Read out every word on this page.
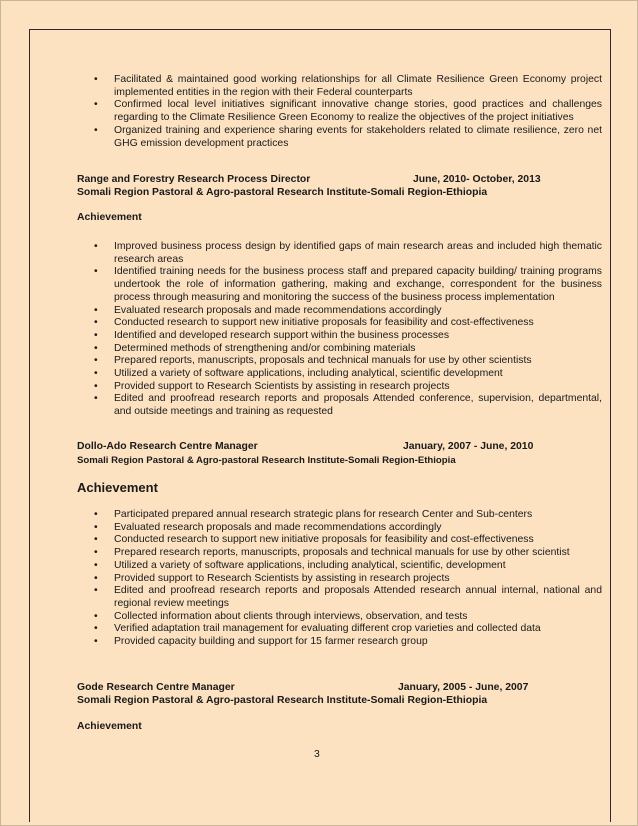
• Facilitated & maintained good working relationships for all Climate Resilience Green Economy project implemented entities in the region with their Federal counterparts
• Confirmed local level initiatives significant innovative change stories, good practices and challenges regarding to the Climate Resilience Green Economy to realize the objectives of the project initiatives
• Organized training and experience sharing events for stakeholders related to climate resilience, zero net GHG emission development practices
Range and Forestry Research Process Director	June, 2010- October, 2013
Somali Region Pastoral & Agro-pastoral Research Institute-Somali Region-Ethiopia
Achievement
• Improved business process design by identified gaps of main research areas and included high thematic research areas
• Identified training needs for the business process staff and prepared capacity building/ training programs undertook the role of information gathering, making and exchange, correspondent for the business process through measuring and monitoring the success of the business process implementation
• Evaluated research proposals and made recommendations accordingly
• Conducted research to support new initiative proposals for feasibility and cost-effectiveness
• Identified and developed research support within the business processes
• Determined methods of strengthening and/or combining materials
• Prepared reports, manuscripts, proposals and technical manuals for use by other scientists
• Utilized a variety of software applications, including analytical, scientific development
• Provided support to Research Scientists by assisting in research projects
• Edited and proofread research reports and proposals Attended conference, supervision, departmental, and outside meetings and training as requested
Dollo-Ado Research Centre Manager	January, 2007 - June, 2010
Somali Region Pastoral & Agro-pastoral Research Institute-Somali Region-Ethiopia
Achievement
• Participated prepared annual research strategic plans for research Center and Sub-centers
• Evaluated research proposals and made recommendations accordingly
• Conducted research to support new initiative proposals for feasibility and cost-effectiveness
• Prepared research reports, manuscripts, proposals and technical manuals for use by other scientist
• Utilized a variety of software applications, including analytical, scientific, development
• Provided support to Research Scientists by assisting in research projects
• Edited and proofread research reports and proposals Attended research annual internal, national and regional review meetings
• Collected information about clients through interviews, observation, and tests
• Verified adaptation trail management for evaluating different crop varieties and collected data
• Provided capacity building and support for 15 farmer research group
Gode Research Centre Manager	January, 2005 - June, 2007
Somali Region Pastoral & Agro-pastoral Research Institute-Somali Region-Ethiopia
Achievement
3
